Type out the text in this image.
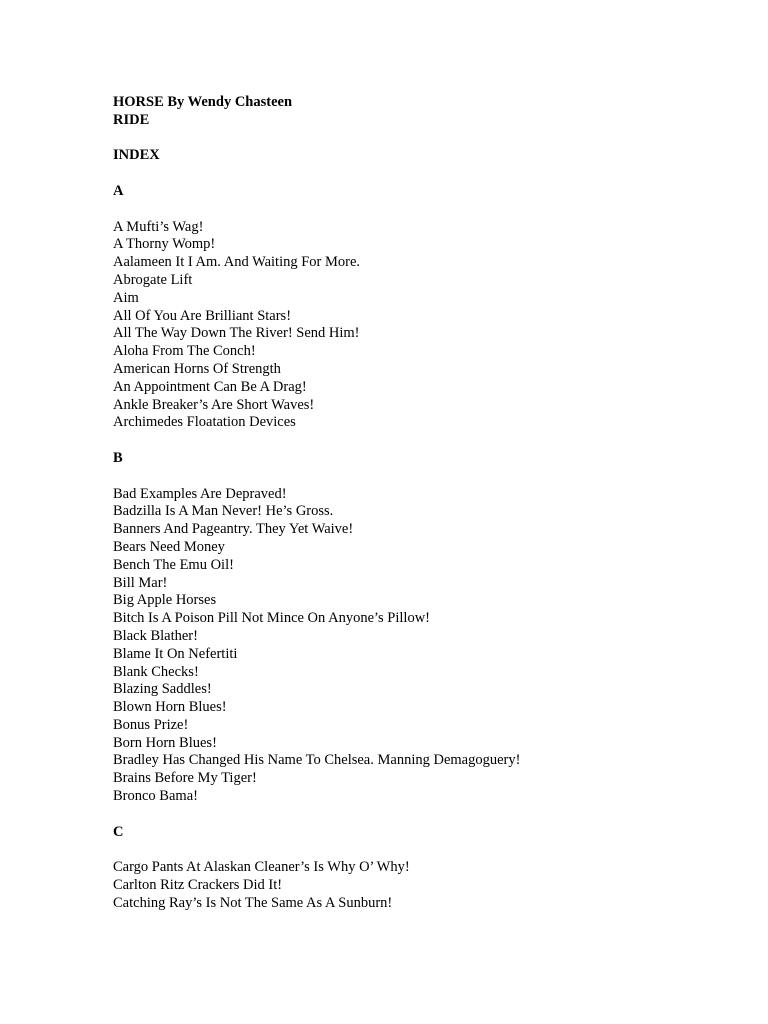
HORSE By Wendy Chasteen
RIDE
INDEX
A
A Mufti’s Wag!
A Thorny Womp!
Aalameen It I Am. And Waiting For More.
Abrogate Lift
Aim
All Of You Are Brilliant Stars!
All The Way Down The River! Send Him!
Aloha From The Conch!
American Horns Of Strength
An Appointment Can Be A Drag!
Ankle Breaker’s Are Short Waves!
Archimedes Floatation Devices
B
Bad Examples Are Depraved!
Badzilla Is A Man Never! He’s Gross.
Banners And Pageantry. They Yet Waive!
Bears Need Money
Bench The Emu Oil!
Bill Mar!
Big Apple Horses
Bitch Is A Poison Pill Not Mince On Anyone’s Pillow!
Black Blather!
Blame It On Nefertiti
Blank Checks!
Blazing Saddles!
Blown Horn Blues!
Bonus Prize!
Born Horn Blues!
Bradley Has Changed His Name To Chelsea. Manning Demagoguery!
Brains Before My Tiger!
Bronco Bama!
C
Cargo Pants At Alaskan Cleaner’s Is Why O’ Why!
Carlton Ritz Crackers Did It!
Catching Ray’s Is Not The Same As A Sunburn!
